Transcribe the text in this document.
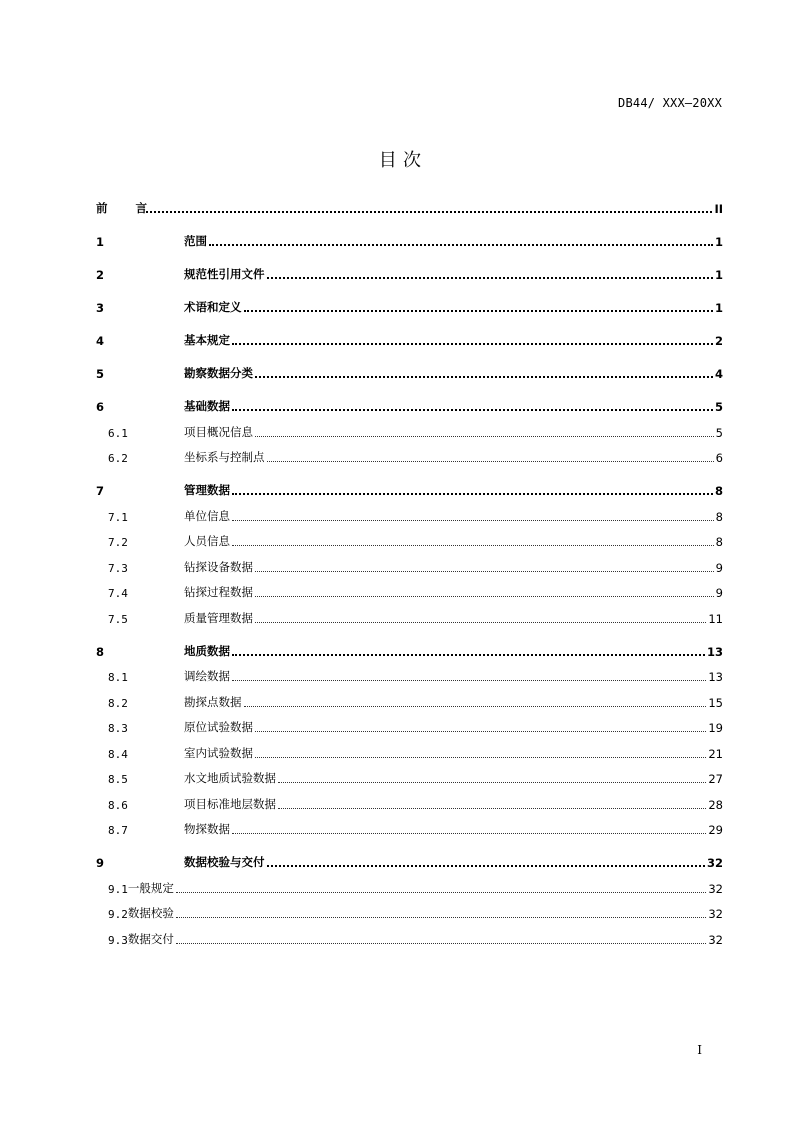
DB44/ XXX—20XX
目 次
前 言	II
1	范围	1
2	规范性引用文件	1
3	术语和定义	1
4	基本规定	2
5	勘察数据分类	4
6	基础数据	5
6.1	项目概况信息	5
6.2	坐标系与控制点	6
7	管理数据	8
7.1	单位信息	8
7.2	人员信息	8
7.3	钻探设备数据	9
7.4	钻探过程数据	9
7.5	质量管理数据	11
8	地质数据	13
8.1	调绘数据	13
8.2	勘探点数据	15
8.3	原位试验数据	19
8.4	室内试验数据	21
8.5	水文地质试验数据	27
8.6	项目标准地层数据	28
8.7	物探数据	29
9	数据校验与交付	32
9.1 一般规定	32
9.2 数据校验	32
9.3 数据交付	32
I
